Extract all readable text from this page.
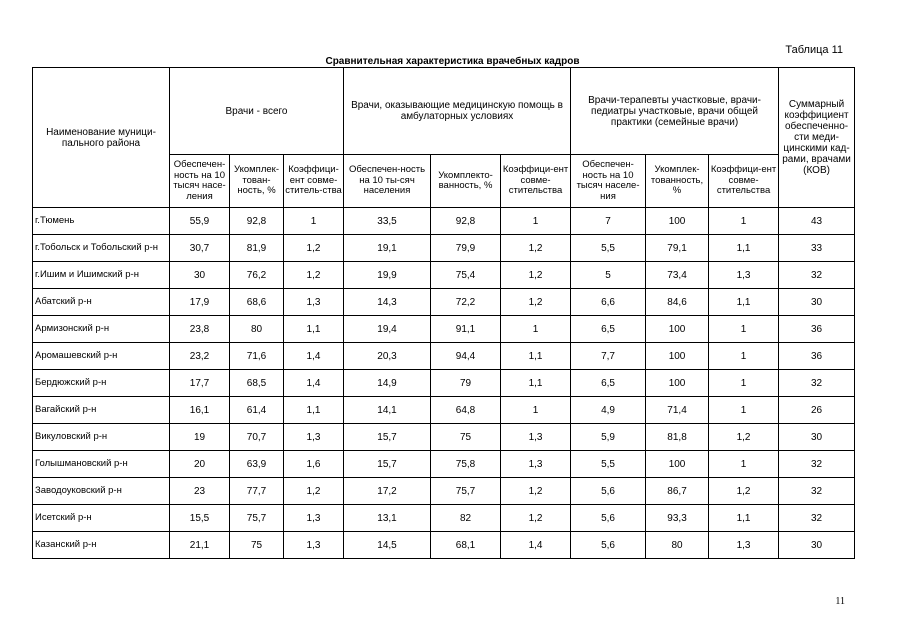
Таблица 11
Сравнительная характеристика врачебных кадров
Наименование муници-пального района	Врачи - всего			Врачи, оказывающие медицинскую помощь в амбулаторных условиях			Врачи-терапевты участковые, врачи-педиатры участковые, врачи общей практики (семейные врачи)			Суммарный коэффициент обеспеченно-сти меди-цинскими кад-рами, врачами (КОВ)
	Обеспечен-ность на 10 тысяч насе-ления	Укомплек-тован-ность, %	Коэффици-ент совме-ститель-ства	Обеспечен-ность на 10 ты-сяч населения	Укомплекто-ванность, %	Коэффици-ент совме-стительства	Обеспечен-ность на 10 тысяч населе-ния	Укомплек-тованность, %	Коэффици-ент совме-стительства	
г.Тюмень	55,9	92,8	1	33,5	92,8	1	7	100	1	43
г.Тобольск и Тобольский р-н	30,7	81,9	1,2	19,1	79,9	1,2	5,5	79,1	1,1	33
г.Ишим и Ишимский р-н	30	76,2	1,2	19,9	75,4	1,2	5	73,4	1,3	32
Абатский р-н	17,9	68,6	1,3	14,3	72,2	1,2	6,6	84,6	1,1	30
Армизонский р-н	23,8	80	1,1	19,4	91,1	1	6,5	100	1	36
Аромашевский р-н	23,2	71,6	1,4	20,3	94,4	1,1	7,7	100	1	36
Бердюжский р-н	17,7	68,5	1,4	14,9	79	1,1	6,5	100	1	32
Вагайский р-н	16,1	61,4	1,1	14,1	64,8	1	4,9	71,4	1	26
Викуловский р-н	19	70,7	1,3	15,7	75	1,3	5,9	81,8	1,2	30
Голышмановский р-н	20	63,9	1,6	15,7	75,8	1,3	5,5	100	1	32
Заводоуковский р-н	23	77,7	1,2	17,2	75,7	1,2	5,6	86,7	1,2	32
Исетский р-н	15,5	75,7	1,3	13,1	82	1,2	5,6	93,3	1,1	32
Казанский р-н	21,1	75	1,3	14,5	68,1	1,4	5,6	80	1,3	30
11
